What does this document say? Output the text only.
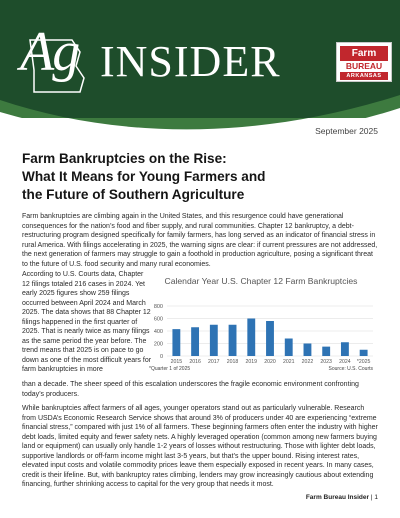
Ag INSIDER	Farm
BUREAU
ARKANSAS
September 2025
Farm Bankruptcies on the Rise:
What It Means for Young Farmers and
the Future of Southern Agriculture

Farm bankruptcies are climbing again in the United States, and this resurgence could have generational consequences for the nation’s food and fiber supply, and rural communities. Chapter 12 bankruptcy, a debt-restructuring program designed specifically for family farmers, has long served as an indicator of financial stress in rural America. With filings accelerating in 2025, the warning signs are clear: if current pressures are not addressed, the next generation of farmers may struggle to gain a foothold in production agriculture, posing a significant threat to the future of U.S. food security and many rural economies.

According to U.S. Courts data, Chapter 12 filings totaled 216 cases in 2024. Yet early 2025 figures show 259 filings occurred between April 2024 and March 2025. The data shows that 88 Chapter 12 filings happened in the first quarter of 2025. That is nearly twice as many filings as the same period the year before. The trend means that 2025 is on pace to go down as one of the most difficult years for farm bankruptcies in more

0
200
400
600
800
2015 2016 2017 2018 2019 2020 2021 2022 2023 2024 *2025
*Quarter 1 of 2025	Source: U.S. Courts
Calendar Year U.S. Chapter 12 Farm Bankruptcies

than a decade. The sheer speed of this escalation underscores the fragile economic environment confronting today’s producers.

While bankruptcies affect farmers of all ages, younger operators stand out as particularly vulnerable. Research from USDA’s Economic Research Service shows that around 3% of producers under 40 are experiencing “extreme financial stress,” compared with just 1% of all farmers. These beginning farmers often enter the industry with higher debt loads, limited equity and fewer safety nets. A highly leveraged operation (common among new farmers buying land or equipment) can usually only handle 1-2 years of losses without restructuring. Those with lighter debt loads, supportive landlords or off-farm income might last 3-5 years, but that’s the upper bound. Rising interest rates, elevated input costs and volatile commodity prices leave them especially exposed in recent years. In many cases, credit is their lifeline. But, with bankruptcy rates climbing, lenders may grow increasingly cautious about extending financing, further shrinking access to capital for the very group that needs it most.

Farm Bureau Insider | 1
